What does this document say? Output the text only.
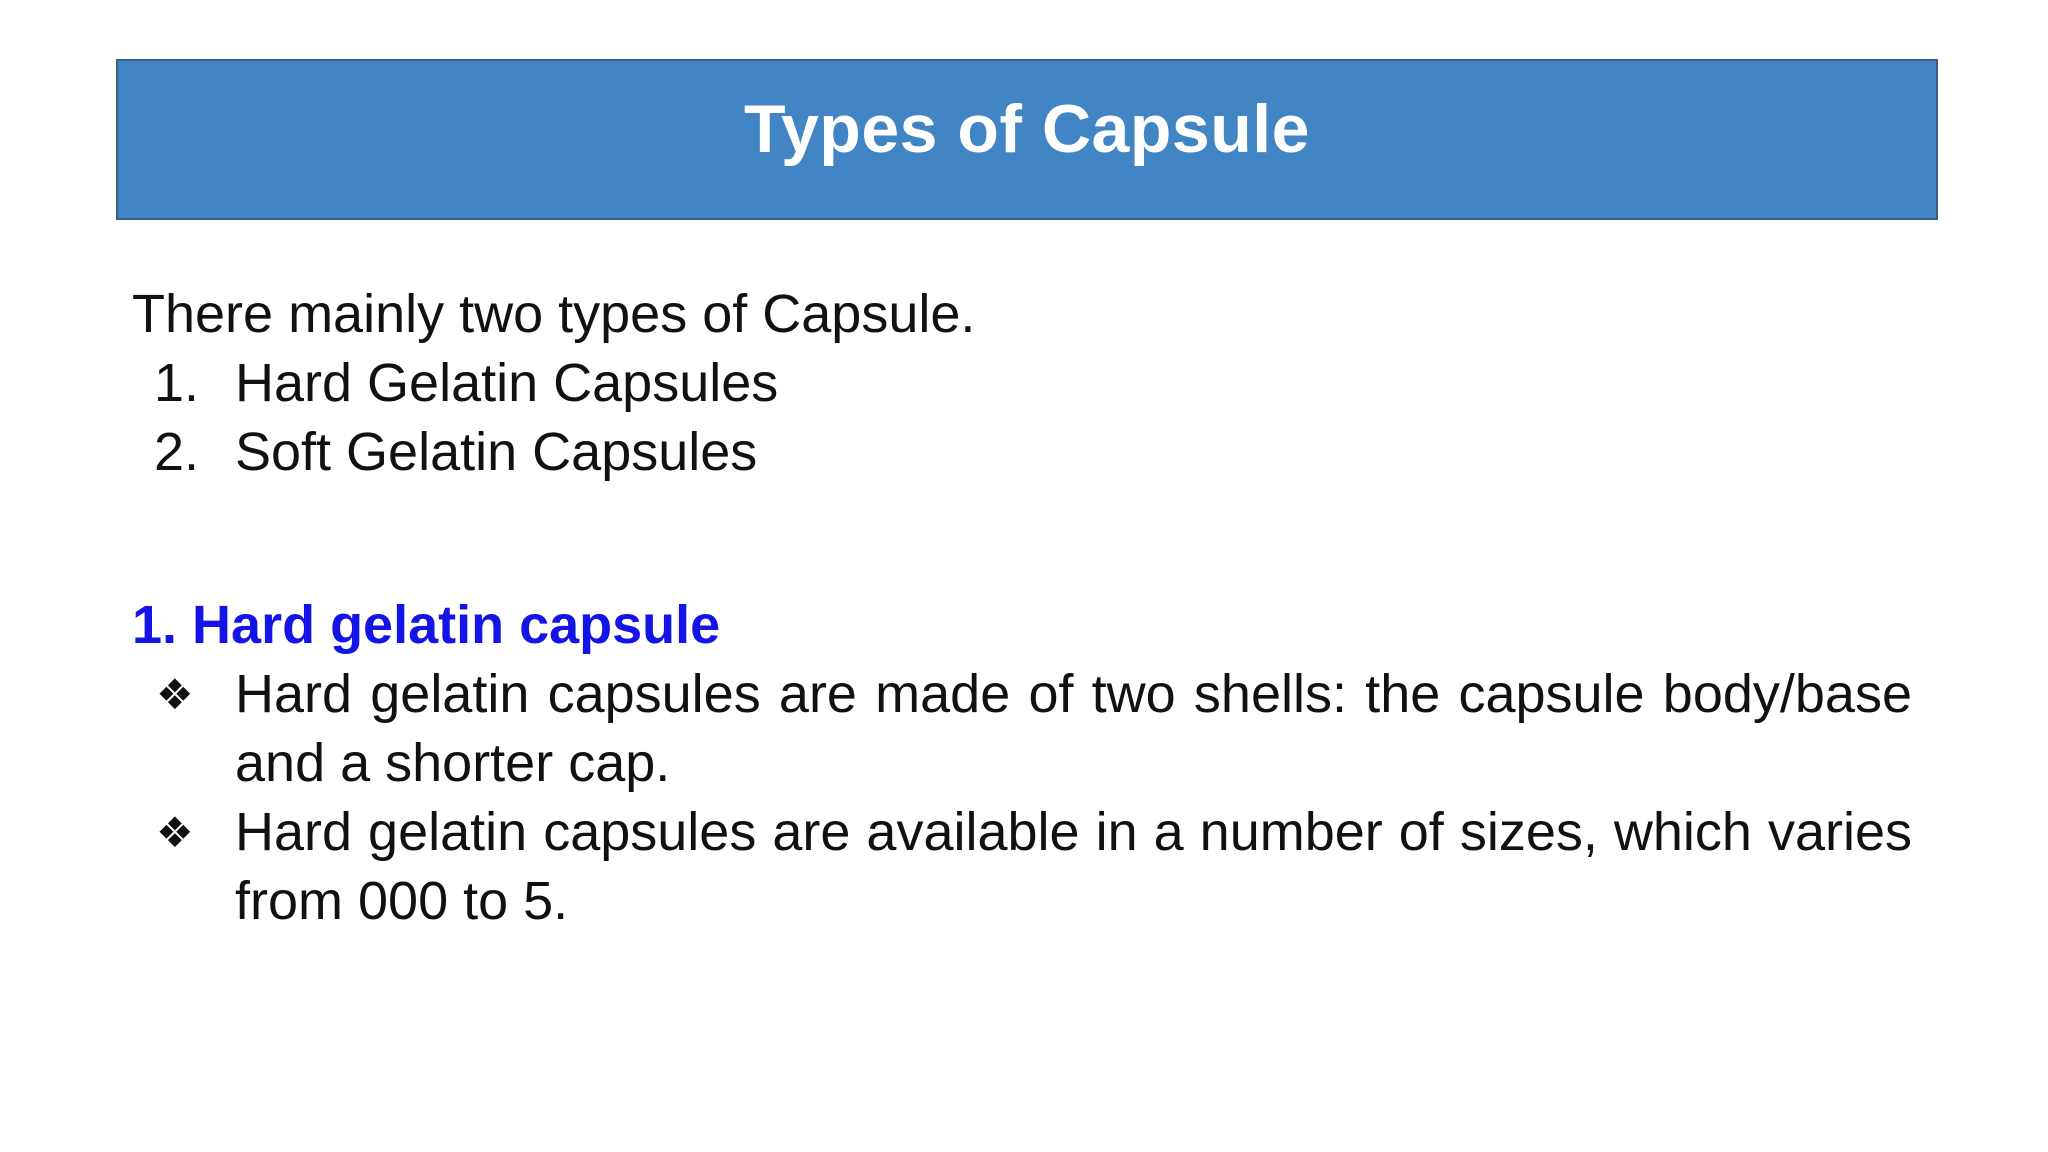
Types of Capsule

There mainly two types of Capsule.

1. Hard Gelatin Capsules
2. Soft Gelatin Capsules

1. Hard gelatin capsule

❖ Hard gelatin capsules are made of two shells: the capsule body/base and a shorter cap.
❖ Hard gelatin capsules are available in a number of sizes, which varies from 000 to 5.
